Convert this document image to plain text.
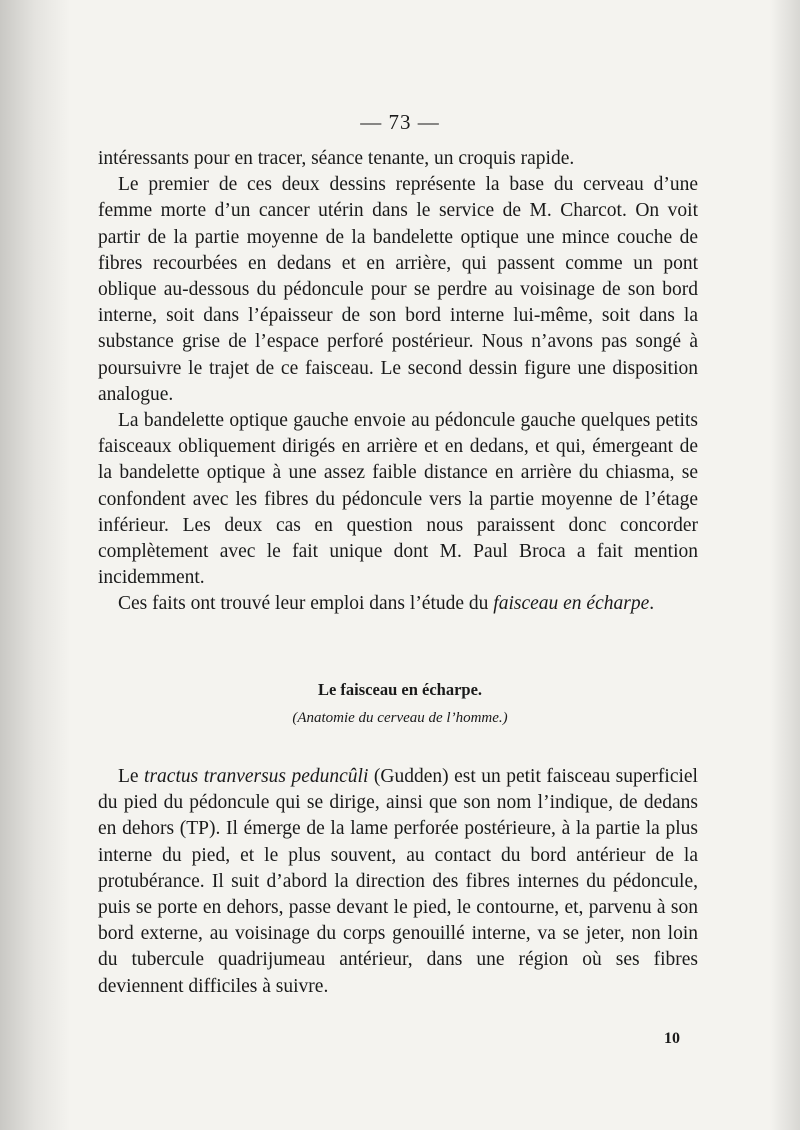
— 73 —

intéressants pour en tracer, séance tenante, un croquis rapide.

Le premier de ces deux dessins représente la base du cerveau d’une femme morte d’un cancer utérin dans le service de M. Charcot. On voit partir de la partie moyenne de la bandelette optique une mince couche de fibres recourbées en dedans et en arrière, qui passent comme un pont oblique au-dessous du pédoncule pour se perdre au voisinage de son bord interne, soit dans l’épaisseur de son bord interne lui-même, soit dans la substance grise de l’espace perforé postérieur. Nous n’avons pas songé à poursuivre le trajet de ce faisceau. Le second dessin figure une disposition analogue.

La bandelette optique gauche envoie au pédoncule gauche quelques petits faisceaux obliquement dirigés en arrière et en dedans, et qui, émergeant de la bandelette optique à une assez faible distance en arrière du chiasma, se confondent avec les fibres du pédoncule vers la partie moyenne de l’étage inférieur. Les deux cas en question nous paraissent donc concorder complètement avec le fait unique dont M. Paul Broca a fait mention incidemment.

Ces faits ont trouvé leur emploi dans l’étude du faisceau en écharpe.

Le faisceau en écharpe.
(Anatomie du cerveau de l’homme.)

Le tractus tranversus peduncûli (Gudden) est un petit faisceau superficiel du pied du pédoncule qui se dirige, ainsi que son nom l’indique, de dedans en dehors (TP). Il émerge de la lame perforée postérieure, à la partie la plus interne du pied, et le plus souvent, au contact du bord antérieur de la protubérance. Il suit d’abord la direction des fibres internes du pédoncule, puis se porte en dehors, passe devant le pied, le contourne, et, parvenu à son bord externe, au voisinage du corps genouillé interne, va se jeter, non loin du tubercule quadrijumeau antérieur, dans une région où ses fibres deviennent difficiles à suivre.

10
